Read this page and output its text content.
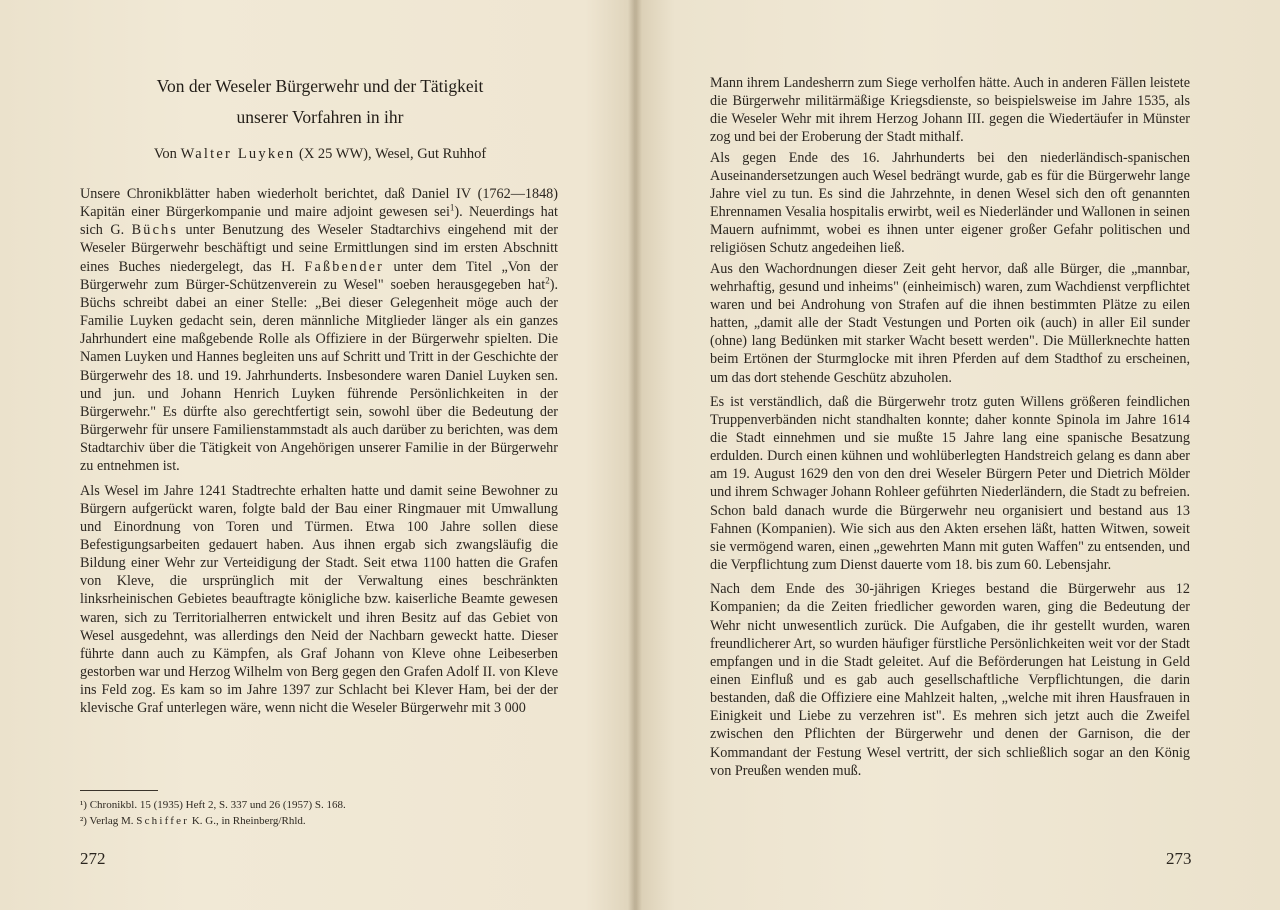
Von der Weseler Bürgerwehr und der Tätigkeit
unserer Vorfahren in ihr
Von Walter Luyken (X 25 WW), Wesel, Gut Ruhhof

Unsere Chronikblätter haben wiederholt berichtet, daß Daniel IV (1762—1848) Kapitän einer Bürgerkompanie und maire adjoint gewesen sei$^1$). Neuerdings hat sich G. Büchs unter Benutzung des Weseler Stadtarchivs eingehend mit der Weseler Bürgerwehr beschäftigt und seine Ermittlungen sind im ersten Abschnitt eines Buches niedergelegt, das H. Faßbender unter dem Titel „Von der Bürgerwehr zum Bürger-Schützenverein zu Wesel" soeben herausgegeben hat$^2$). Büchs schreibt dabei an einer Stelle: „Bei dieser Gelegenheit möge auch der Familie Luyken gedacht sein, deren männliche Mitglieder länger als ein ganzes Jahrhundert eine maßgebende Rolle als Offiziere in der Bürgerwehr spielten. Die Namen Luyken und Hannes begleiten uns auf Schritt und Tritt in der Geschichte der Bürgerwehr des 18. und 19. Jahrhunderts. Insbesondere waren Daniel Luyken sen. und jun. und Johann Henrich Luyken führende Persönlichkeiten in der Bürgerwehr." Es dürfte also gerechtfertigt sein, sowohl über die Bedeutung der Bürgerwehr für unsere Familienstammstadt als auch darüber zu berichten, was dem Stadtarchiv über die Tätigkeit von Angehörigen unserer Familie in der Bürgerwehr zu entnehmen ist.

Als Wesel im Jahre 1241 Stadtrechte erhalten hatte und damit seine Bewohner zu Bürgern aufgerückt waren, folgte bald der Bau einer Ringmauer mit Umwallung und Einordnung von Toren und Türmen. Etwa 100 Jahre sollen diese Befestigungsarbeiten gedauert haben. Aus ihnen ergab sich zwangsläufig die Bildung einer Wehr zur Verteidigung der Stadt. Seit etwa 1100 hatten die Grafen von Kleve, die ursprünglich mit der Verwaltung eines beschränkten linksrheinischen Gebietes beauftragte königliche bzw. kaiserliche Beamte gewesen waren, sich zu Territorialherren entwickelt und ihren Besitz auf das Gebiet von Wesel ausgedehnt, was allerdings den Neid der Nachbarn geweckt hatte. Dieser führte dann auch zu Kämpfen, als Graf Johann von Kleve ohne Leibeserben gestorben war und Herzog Wilhelm von Berg gegen den Grafen Adolf II. von Kleve ins Feld zog. Es kam so im Jahre 1397 zur Schlacht bei Klever Ham, bei der der klevische Graf unterlegen wäre, wenn nicht die Weseler Bürgerwehr mit 3 000

¹) Chronikbl. 15 (1935) Heft 2, S. 337 und 26 (1957) S. 168.
²) Verlag M. Schiffer K. G., in Rheinberg/Rhld.
272

Mann ihrem Landesherrn zum Siege verholfen hätte. Auch in anderen Fällen leistete die Bürgerwehr militärmäßige Kriegsdienste, so beispielsweise im Jahre 1535, als die Weseler Wehr mit ihrem Herzog Johann III. gegen die Wiedertäufer in Münster zog und bei der Eroberung der Stadt mithalf.

Als gegen Ende des 16. Jahrhunderts bei den niederländisch-spanischen Auseinandersetzungen auch Wesel bedrängt wurde, gab es für die Bürgerwehr lange Jahre viel zu tun. Es sind die Jahrzehnte, in denen Wesel sich den oft genannten Ehrennamen Vesalia hospitalis erwirbt, weil es Niederländer und Wallonen in seinen Mauern aufnimmt, wobei es ihnen unter eigener großer Gefahr politischen und religiösen Schutz angedeihen ließ.

Aus den Wachordnungen dieser Zeit geht hervor, daß alle Bürger, die „mannbar, wehrhaftig, gesund und inheims" (einheimisch) waren, zum Wachdienst verpflichtet waren und bei Androhung von Strafen auf die ihnen bestimmten Plätze zu eilen hatten, „damit alle der Stadt Vestungen und Porten oik (auch) in aller Eil sunder (ohne) lang Bedünken mit starker Wacht besett werden". Die Müllerknechte hatten beim Ertönen der Sturmglocke mit ihren Pferden auf dem Stadthof zu erscheinen, um das dort stehende Geschütz abzuholen.

Es ist verständlich, daß die Bürgerwehr trotz guten Willens größeren feindlichen Truppenverbänden nicht standhalten konnte; daher konnte Spinola im Jahre 1614 die Stadt einnehmen und sie mußte 15 Jahre lang eine spanische Besatzung erdulden. Durch einen kühnen und wohlüberlegten Handstreich gelang es dann aber am 19. August 1629 den von den drei Weseler Bürgern Peter und Dietrich Mölder und ihrem Schwager Johann Rohleer geführten Niederländern, die Stadt zu befreien. Schon bald danach wurde die Bürgerwehr neu organisiert und bestand aus 13 Fahnen (Kompanien). Wie sich aus den Akten ersehen läßt, hatten Witwen, soweit sie vermögend waren, einen „gewehrten Mann mit guten Waffen" zu entsenden, und die Verpflichtung zum Dienst dauerte vom 18. bis zum 60. Lebensjahr.

Nach dem Ende des 30-jährigen Krieges bestand die Bürgerwehr aus 12 Kompanien; da die Zeiten friedlicher geworden waren, ging die Bedeutung der Wehr nicht unwesentlich zurück. Die Aufgaben, die ihr gestellt wurden, waren freundlicherer Art, so wurden häufiger fürstliche Persönlichkeiten weit vor der Stadt empfangen und in die Stadt geleitet. Auf die Beförderungen hat Leistung in Geld einen Einfluß und es gab auch gesellschaftliche Verpflichtungen, die darin bestanden, daß die Offiziere eine Mahlzeit halten, „welche mit ihren Hausfrauen in Einigkeit und Liebe zu verzehren ist". Es mehren sich jetzt auch die Zweifel zwischen den Pflichten der Bürgerwehr und denen der Garnison, die der Kommandant der Festung Wesel vertritt, der sich schließlich sogar an den König von Preußen wenden muß.

273
